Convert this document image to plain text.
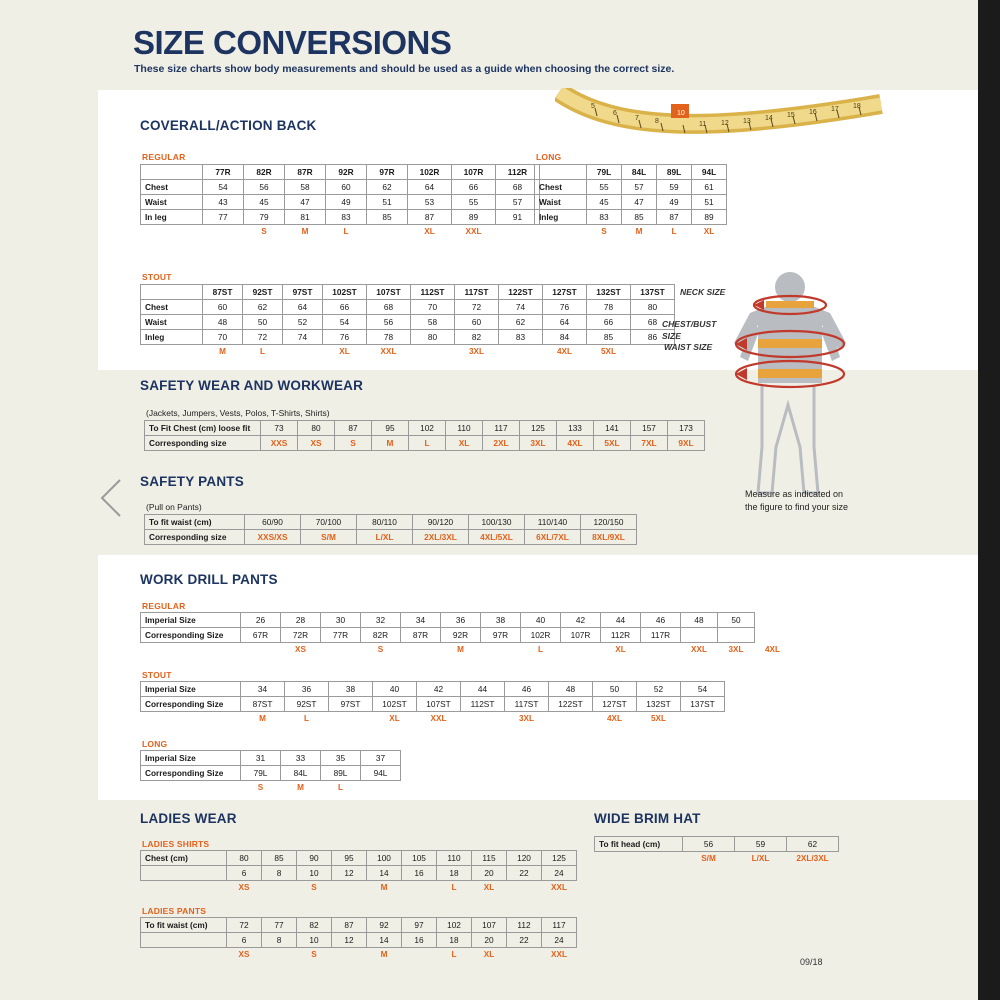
SIZE CONVERSIONS
These size charts show body measurements and should be used as a guide when choosing the correct size.
5
6
7 8
10
11 12 13 14 15 16 17 18
COVERALL/ACTION BACK
REGULAR
	77R	82R	87R	92R	97R	102R	107R	112R
Chest	54	56	58	60	62	64	66	68
Waist	43	45	47	49	51	53	55	57
In leg	77	79	81	83	85	87	89	91
		S	M	L		XL	XXL	
LONG
	79L	84L	89L	94L
Chest	55	57	59	61
Waist	45	47	49	51
Inleg	83	85	87	89
	S	M	L	XL
STOUT
	87ST	92ST	97ST	102ST	107ST	112ST	117ST	122ST	127ST	132ST	137ST
Chest	60	62	64	66	68	70	72	74	76	78	80
Waist	48	50	52	54	56	58	60	62	64	66	68
Inleg	70	72	74	76	78	80	82	83	84	85	86
	M	L		XL	XXL		3XL		4XL	5XL	
SAFETY WEAR AND WORKWEAR
(Jackets, Jumpers, Vests, Polos, T-Shirts, Shirts)
To Fit Chest (cm) loose fit	73	80	87	95	102	110	117	125	133	141	157	173
Corresponding size	XXS	XS	S	M	L	XL	2XL	3XL	4XL	5XL	7XL	9XL
SAFETY PANTS
(Pull on Pants)
To fit waist (cm)	60/90	70/100	80/110	90/120	100/130	110/140	120/150
Corresponding size	XXS/XS	S/M	L/XL	2XL/3XL	4XL/5XL	6XL/7XL	8XL/9XL
WORK DRILL PANTS
REGULAR
Imperial Size	26	28	30	32	34	36	38	40	42	44	46	48	50	
Corresponding Size	67R	72R	77R	82R	87R	92R	97R	102R	107R	112R	117R			
		XS		S		M		L		XL		XXL	3XL	4XL
STOUT
Imperial Size	34	36	38	40	42	44	46	48	50	52	54
Corresponding Size	87ST	92ST	97ST	102ST	107ST	112ST	117ST	122ST	127ST	132ST	137ST
	M	L		XL	XXL		3XL		4XL	5XL	
LONG
Imperial Size	31	33	35	37
Corresponding Size	79L	84L	89L	94L
	S	M	L	
LADIES WEAR
LADIES SHIRTS
Chest (cm)	80	85	90	95	100	105	110	115	120	125
	6	8	10	12	14	16	18	20	22	24
	XS		S		M		L	XL		XXL
LADIES PANTS
To fit waist (cm)	72	77	82	87	92	97	102	107	112	117
	6	8	10	12	14	16	18	20	22	24
	XS		S		M		L	XL		XXL
WIDE BRIM HAT
To fit head (cm)	56	59	62
	S/M	L/XL	2XL/3XL
NECK SIZE
CHEST/BUST SIZE
WAIST SIZE
Measure as indicated on the figure to find your size
09/18
